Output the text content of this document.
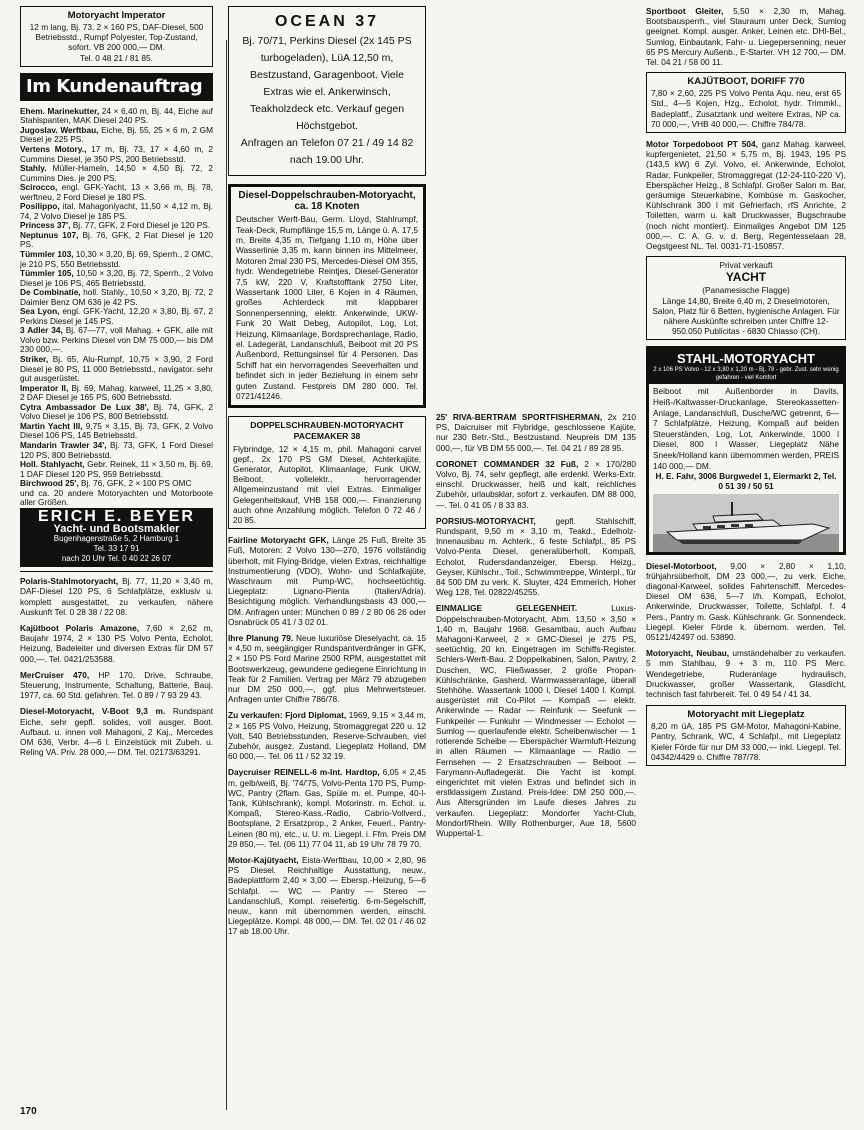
Motoryacht Imperator
12 m lang, Bj. 73, 2 × 160 PS, DAF-Diesel, 500 Betriebsstd., Rumpf Polyester, Top-Zustand, sofort. VB 200 000,— DM.
Tel. 0 48 21 / 81 85.
Im Kundenauftrag
Ehem. Marinekutter, 24 × 6,40 m, Bj. 44, Eiche auf Stahlspanten, MAK Diesel 240 PS.
Jugoslav. Werftbau, Eiche, Bj. 55, 25 × 6 m, 2 GM Diesel je 225 PS.
Vertens Motory., 17 m, Bj. 73, 17 × 4,60 m, 2 Cummins Diesel, je 350 PS, 200 Betriebsstd.
Stahly. Müller-Hameln, 14,50 × 4,50 Bj. 72, 2 Cummins Dies. je 200 PS.
Scirocco, engl. GFK-Yacht, 13 × 3,66 m, Bj. 78, werftneu, 2 Ford Diesel je 180 PS.
Posilippo, ital. Mahagoniyacht, 11,50 × 4,12 m, Bj. 74, 2 Volvo Diesel je 185 PS.
Princess 37', Bj. 77, GFK, 2 Ford Diesel je 120 PS.
Neptunus 107, Bj. 76, GFK, 2 Fiat Diesel je 120 PS.
Tümmler 103, 10,30 × 3,20, Bj. 69, Sperrh., 2 OMC, je 210 PS, 550 Betriebsstd.
Tümmler 105, 10,50 × 3,20, Bj. 72, Sperrh., 2 Volvo Diesel je 106 PS, 465 Betriebsstd.
De Combinatie, holl. Stahly., 10,50 × 3,20, Bj. 72, 2 Daimler Benz OM 636 je 42 PS.
Sea Lyon, engl. GFK-Yacht, 12,20 × 3,80, Bj. 67, 2 Perkins Diesel je 145 PS.
3 Adler 34, Bj. 67—77, voll Mahag. + GFK, alle mit Volvo bzw. Perkins Diesel von DM 75 000,— bis DM 230 000,—.
Striker, Bj. 65, Alu-Rumpf, 10,75 × 3,90, 2 Ford Diesel je 80 PS, 11 000 Betriebsstd., navigator. sehr gut ausgerüstet.
Imperator II, Bj. 69, Mahag. karweel, 11,25 × 3,80, 2 DAF Diesel je 165 PS, 600 Betriebsstd.
Cytra Ambassador De Lux 38', Bj. 74, GFK, 2 Volvo Diesel je 106 PS, 800 Betriebsstd.
Martin Yacht III, 9,75 × 3,15, Bj. 73, GFK, 2 Volvo Diesel 106 PS, 145 Betriebsstd.
Mandarin Trawler 34', Bj. 73, GFK, 1 Ford Diesel 120 PS, 800 Betriebsstd.
Holl. Stahlyacht, Gebr. Reinek, 11 × 3,50 m, Bj. 69, 1 DAF Diesel 120 PS, 959 Betriebsstd.
Birchwood 25', Bj. 76, GFK, 2 × 100 PS OMC
und ca. 20 andere Motoryachten und Motorboote aller Größen.
ERICH E. BEYER
Yacht- und Bootsmakler
Bugenhagenstraße 5, 2 Hamburg 1
Tel. 33 17 91
nach 20 Uhr Tel. 0 40 22 26 07
Polaris-Stahlmotoryacht, Bj. 77, 11,20 × 3,40 m, DAF-Diesel 120 PS, 6 Schlafplätze, exklusiv u. komplett ausgestattet, zu verkaufen, nähere Auskunft Tel. 0 28 38 / 22 08.
Kajütboot Polaris Amazone, 7,60 × 2,62 m, Baujahr 1974, 2 × 130 PS Volvo Penta, Echolot, Heizung, Badeleiter und diversen Extras für DM 57 000,—. Tel. 0421/253588.
MerCruiser 470, HP 170, Drive, Schraube, Steuerung, Instrumente, Schaltung, Batterie, Bauj. 1977, ca. 60 Std. gefahren. Tel. 0 89 / 7 93 29 43.
Diesel-Motoryacht, V-Boot 9,3 m. Rundspant Eiche, sehr gepfl. solides, voll ausger. Boot. Aufbaut. u. innen voll Mahagoni, 2 Kaj., Mercedes OM 636, Verbr. 4—6 l. Einzelstück mit Zubeh. u. Reling VA. Priv. 28 000,— DM. Tel. 02173/63291.
OCEAN 37

Bj. 70/71, Perkins Diesel (2x 145 PS turbogeladen), LüA 12,50 m,

Bestzustand, Garagenboot. Viele Extras wie el. Ankerwinsch,

Teakholzdeck etc. Verkauf gegen Höchstgebot.

Anfragen an Telefon 07 21 / 49 14 82 nach 19.00 Uhr.

Diesel-Doppelschrauben-Motoryacht, ca. 18 Knoten
Deutscher Werft-Bau, Germ. Lloyd, Stahlrumpf, Teak-Deck, Rumpflänge 15,5 m, Länge ü. A. 17,5 m, Breite 4,35 m, Tiefgang 1,10 m, Höhe über Wasserlinie 3,35 m, kann binnen ins Mittelmeer, Motoren 2mal 230 PS, Mercedes-Diesel OM 355, hydr. Wendegetriebe Reintjes, Diesel-Generator 7,5 kW, 220 V, Kraftstofftank 2750 Liter, Wassertank 1000 Liter, 6 Kojen in 4 Räumen, großes Achterdeck mit klappbarer Sonnenpersenning, elektr. Ankerwinde, UKW-Funk 20 Watt Debeg, Autopilot, Log, Lot, Heizung, Klimaanlage, Bordsprechanlage, Radio, el. Ladegerät, Landanschluß, Beiboot mit 20 PS Außenbord, Rettungsinsel für 4 Personen. Das Schiff hat ein hervorragendes Seeverhalten und befindet sich in jeder Beziehung in einem sehr guten Zustand. Festpreis DM 280 000. Tel. 0721/41246.
DOPPELSCHRAUBEN-MOTORYACHT PACEMAKER 38
Flybrindge, 12 × 4,15 m, phil. Mahagoni carvel gepf., 2x 170 PS GM Diesel, Achterkajüte, Generator, Autopilot, Klimaanlage, Funk UKW, Beiboot, vollelektr., hervorragender Allgemeinzustand mit viel Extras. Einmaliger Gelegenheitskauf, VHB 158 000,—. Finanzierung auch ohne Anzahlung möglich. Telefon 0 72 46 / 20 85.
Fairline Motoryacht GFK, Länge 25 Fuß, Breite 35 Fuß, Motoren: 2 Volvo 130—270, 1976 vollständig überholt, mit Flying-Bridge, vielen Extras, reichhaltige Instrumentierung (VDO), Wohn- und Schlafkajüte, Waschraum mit Pump-WC, hochseetüchtig. Liegeplatz: Lignano-Pienta (Italien/Adria). Besichtigung möglich. Verhandlungsbasis 43 000,— DM. Anfragen unter: München 0 89 / 2 80 06 26 oder Osnabrück 05 41 / 3 02 01.
Ihre Planung 79. Neue luxuriöse Dieselyacht, ca. 15 × 4,50 m, seegängiger Rundspantverdränger in GFK, 2 × 150 PS Ford Marine 2500 RPM, ausgestattet mit Bootswerkzeug, gewundene gediegene Einrichtung in Teak für 2 Familien. Vertrag per März 79 abzugeben nur DM 250 000,—, ggf. plus Mehrwertsteuer. Anfragen unter Chiffre 786/78.
Zu verkaufen: Fjord Diplomat, 1969, 9,15 × 3,44 m, 2 × 165 PS Volvo, Heizung, Stromaggregat 220 u. 12 Volt, 540 Betriebsstunden, Reserve-Schrauben, viel Zubehör, ausgez. Zustand, Liegeplatz Holland, DM 60 000,—. Tel. 06 11 / 52 32 19.
Daycruiser REINELL-6 m-Int. Hardtop, 6,05 × 2,45 m, gelb/weiß, Bj. '74/'75, Volvo-Penta 170 PS, Pump-WC, Pantry (2flam. Gas, Spüle m. el. Pumpe, 40-l-Tank, Kühlschrank), kompl. Motorinstr. m. Echol. u. Kompaß, Stereo-Kass.-Radio, Cabrio-Vollverd., Bootsplane, 2 Ersatzprop., 2 Anker, Feuerl., Pantry-Leinen (80 m), etc., u. U. m. Liegepl. i. Ffm. Preis DM 29 850,—. Tel. (06 11) 77 04 11, ab 19 Uhr 78 79 70.
Motor-Kajütyacht, Eista-Werftbau, 10,00 × 2,80, 96 PS Diesel. Reichhaltige Ausstattung, neuw., Badeplattform 2,40 × 3,00 — Ebersp.-Heizung, 5—6 Schlafpl. — WC — Pantry — Stereo — Landanschluß, Kompl. reisefertig. 6-m-Segelschiff, neuw., kann mit übernommen werden, einschl. Liegeplätze. Kompl. 48 000,— DM. Tel. 02 01 / 46 02 17 ab 18.00 Uhr.
25' RIVA-BERTRAM SPORTFISHERMAN, 2x 210 PS, Daicruiser mit Flybridge, geschlossene Kajüte, nur 230 Betr.-Std., Bestzustand. Neupreis DM 135 000,—, für VB DM 55 000,—. Tel. 04 21 / 89 28 95.
CORONET COMMANDER 32 Fuß, 2 × 170/280 Volvo, Bj. 74, sehr gepflegt, alle erdenkl. Werks-Extr. einschl. Druckwasser, heiß und kalt, reichliches Zubehör, urlaubsklar, sofort z. verkaufen. DM 88 000,—. Tel. 0 41 05 / 8 33 83.
PORSIUS-MOTORYACHT, gepfl. Stahlschiff, Rundspant, 9,50 m × 3,10 m, Teakd., Edelholz-Innenausbau m. Achterk., 6 feste Schlafpl., 85 PS Volvo-Penta Diesel, generalüberholt, Kompaß, Echolot, Rudersdandanzeiger, Ebersp. Heizg., Geyser, Kühlschr., Toil., Schwimmtreppe, Winterpl., für 84 500 DM zu verk. K. Sluyter, 424 Emmerich, Hoher Weg 128, Tel. 02822/45255.
EINMALIGE GELEGENHEIT. Luxus-Doppelschrauben-Motoryacht, Abm. 13,50 × 3,50 × 1,40 m, Baujahr 1968. Gesamtbau, auch Aufbau Mahagoni-Karweel, 2 × GMC-Diesel je 275 PS, seetüchtig, 20 kn. Eingetragen im Schiffs-Register. Schlers-Werft-Bau. 2 Doppelkabinen, Salon, Pantry, 2 Duschen, WC, Fließwasser, 2 große Propan-Kühlschränke, Gasherd, Warmwasseranlage, überall Stehhöhe. Wassertank 1000 l, Diesel 1400 l. Kompl. ausgerüstet mit Co-Pilot — Kompaß — elektr. Ankerwinde — Radar — Reinfunk — Seefunk — Funkpeiler — Funkuhr — Windmesser — Echolot — Sumlog — querlaufende elektr. Scheibenwischer — 1 rotierende Scheibe — Eberspächer Warmluft-Heizung in allen Räumen — Klimaanlage — Radio — Fernsehen — 2 Ersatzschrauben — Beiboot — Farymann-Aufladegerät. Die Yacht ist kompl. eingerichtet mit vielen Extras und befindet sich in erstklassigem Zustand. Preis-Idee: DM 250 000,—. Aus Altersgründen im Laufe dieses Jahres zu verkaufen. Liegeplatz: Mondorfer Yacht-Club, Mondorf/Rhein. Willy Rothenburger, Aue 18, 5600 Wuppertal-1.
Sportboot Gleiter, 5,50 × 2,30 m, Mahag. Bootsbausperrh., viel Stauraum unter Deck, Sumlog geeignet. Kompl. ausger. Anker, Leinen etc. DHI-Bel., Sumlog, Einbautank, Fahr- u. Liegepersenning, neuer 65 PS Mercury Außenb., E-Starter. VH 12 700,— DM. Tel. 04 21 / 58 00 11.
KAJÜTBOOT, DORIFF 770
7,80 × 2,60, 225 PS Volvo Penta Aqu. neu, erst 65 Std., 4—5 Kojen, Hzg., Echolot, hydr. Trimmkl., Badeplattf., Zusatztank und weitere Extras, NP ca. 70 000,—, VHB 40 000,—. Chiffre 784/78.
Motor Torpedoboot PT 504, ganz Mahag. karweel, kupfergenietet, 21,50 × 5,75 m, Bj. 1943, 195 PS (143,5 kW) 6 Zyl. Volvo, el. Ankerwinde, Echolot, Radar, Funkpeiler, Stromaggregat (12-24-110-220 V), Eberspächer Heizg., 8 Schlafpl. Großer Salon m. Bar, geräumige Steuerkabine, Kombüse m. Gaskocher, Kühlschrank 300 l mit Gefrierfach, rfS Anrichte, 2 Toiletten, warm u. kalt Druckwasser, Bugschraube (noch nicht montiert). Einmaliges Angebot DM 125 000,—. C. A. G. v. d. Berg, Regentesselaan 28, Oegstgeest NL. Tel. 0031-71-150857.
Privat verkauft
YACHT
(Panamesische Flagge)
Länge 14,80, Breite 6,40 m, 2 Dieselmotoren, Salon, Platz für 6 Betten, hygienische Anlagen. Für nähere Auskünfte schreiben unter Chiffre 12-950.050 Publicitas - 6830 Chiasso (CH).
STAHL-MOTORYACHT
2 x 106 PS Volvo - 12 x 3,80 x 1,20 m - Bj. 78 - gebr. Zust. sehr wenig gefahren - viel Komfort
Beiboot mit Außenborder in Davits, Heiß-/Kaltwasser-Druckanlage, Stereokassetten-Anlage, Landanschluß, Dusche/WC getrennt, 6—7 Schlafplätze, Heizung, Kompaß auf beiden Steuerständen, Log, Lot, Ankerwinde, 1000 l Diesel, 800 l Wasser, Liegeplatz Nähe Sneek/Holland kann übernommen werden, PREIS 140 000,— DM.
H. E. Fahr, 3006 Burgwedel 1, Eiermarkt 2, Tel. 0 51 39 / 50 51
Diesel-Motorboot, 9,00 × 2,80 × 1,10, frühjahrsüberholt, DM 23 000,—, zu verk. Eiche, diagonal-Karweel, solides Fahrtenschiff. Mercedes-Diesel OM 636, 5—7 l/h. Kompaß, Echolot, Ankerwinde, Druckwasser, Toilette, Schlafpl. f. 4 Pers., Pantry m. Gask. Kühlschrank. Gr. Sonnendeck. Liegepl. Kieler Förde k. übernom. werden. Tel. 05121/42497 od. 53890.
Motoryacht, Neubau, umständehalber zu verkaufen. 5 mm Stahlbau, 9 + 3 m, 110 PS Merc. Wendegetriebe, Ruderanlage hydraulisch, Druckwasser, großer Wassertank, Glasdicht, technisch fast fahrbereit. Tel. 0 49 54 / 41 34.
Motoryacht mit Liegeplatz
8,20 m üA, 185 PS GM-Motor, Mahagoni-Kabine, Pantry, Schrank, WC, 4 Schlafpl., mit Liegeplatz Kieler Förde für nur DM 33 000,— inkl. Liegepl. Tel. 04342/4429 o. Chiffre 787/78.
170
